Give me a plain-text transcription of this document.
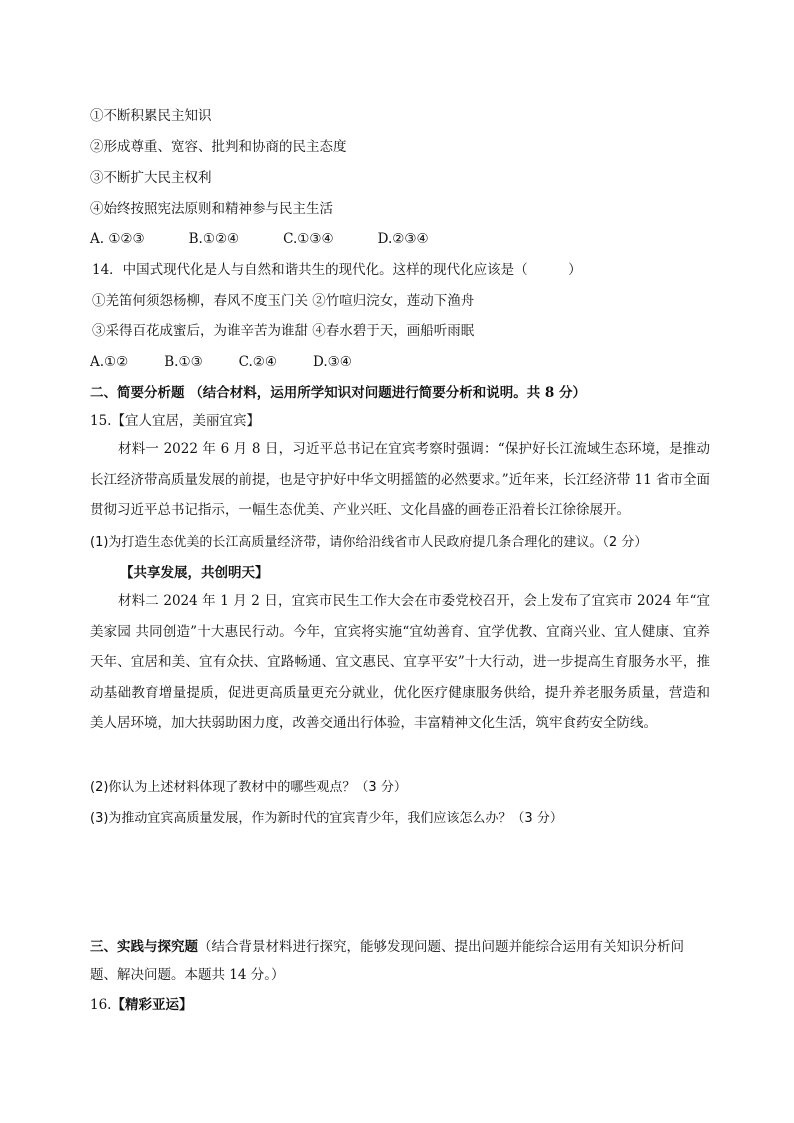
①不断积累民主知识
②形成尊重、宽容、批判和协商的民主态度
③不断扩大民主权利
④始终按照宪法原则和精神参与民主生活
A. ①②③	B.①②④	C.①③④	D.②③④
14．中国式现代化是人与自然和谐共生的现代化。这样的现代化应该是（　　　）
①羌笛何须怨杨柳，春风不度玉门关 ②竹喧归浣女，莲动下渔舟
③采得百花成蜜后，为谁辛苦为谁甜 ④春水碧于天，画船听雨眠
A.①②	B.①③	C.②④	D.③④
二、简要分析题 （结合材料，运用所学知识对问题进行简要分析和说明。共 8 分）
15.【宜人宜居，美丽宜宾】
材料一 2022 年 6 月 8 日，习近平总书记在宜宾考察时强调：“保护好长江流域生态环境，是推动长江经济带高质量发展的前提，也是守护好中华文明摇篮的必然要求。”近年来，长江经济带 11 省市全面贯彻习近平总书记指示，一幅生态优美、产业兴旺、文化昌盛的画卷正沿着长江徐徐展开。
(1)为打造生态优美的长江高质量经济带，请你给沿线省市人民政府提几条合理化的建议。（2 分）
【共享发展，共创明天】
材料二 2024 年 1 月 2 日，宜宾市民生工作大会在市委党校召开，会上发布了宜宾市 2024 年“宜美家园 共同创造”十大惠民行动。今年，宜宾将实施“宜幼善育、宜学优教、宜商兴业、宜人健康、宜养天年、宜居和美、宜有众扶、宜路畅通、宜文惠民、宜享平安”十大行动，进一步提高生育服务水平，推动基础教育增量提质，促进更高质量更充分就业，优化医疗健康服务供给，提升养老服务质量，营造和美人居环境，加大扶弱助困力度，改善交通出行体验，丰富精神文化生活，筑牢食药安全防线。
(2)你认为上述材料体现了教材中的哪些观点？（3 分）
(3)为推动宜宾高质量发展，作为新时代的宜宾青少年，我们应该怎么办？（3 分）
三、实践与探究题（结合背景材料进行探究，能够发现问题、提出问题并能综合运用有关知识分析问
题、解决问题。本题共 14 分。）
16.【精彩亚运】
